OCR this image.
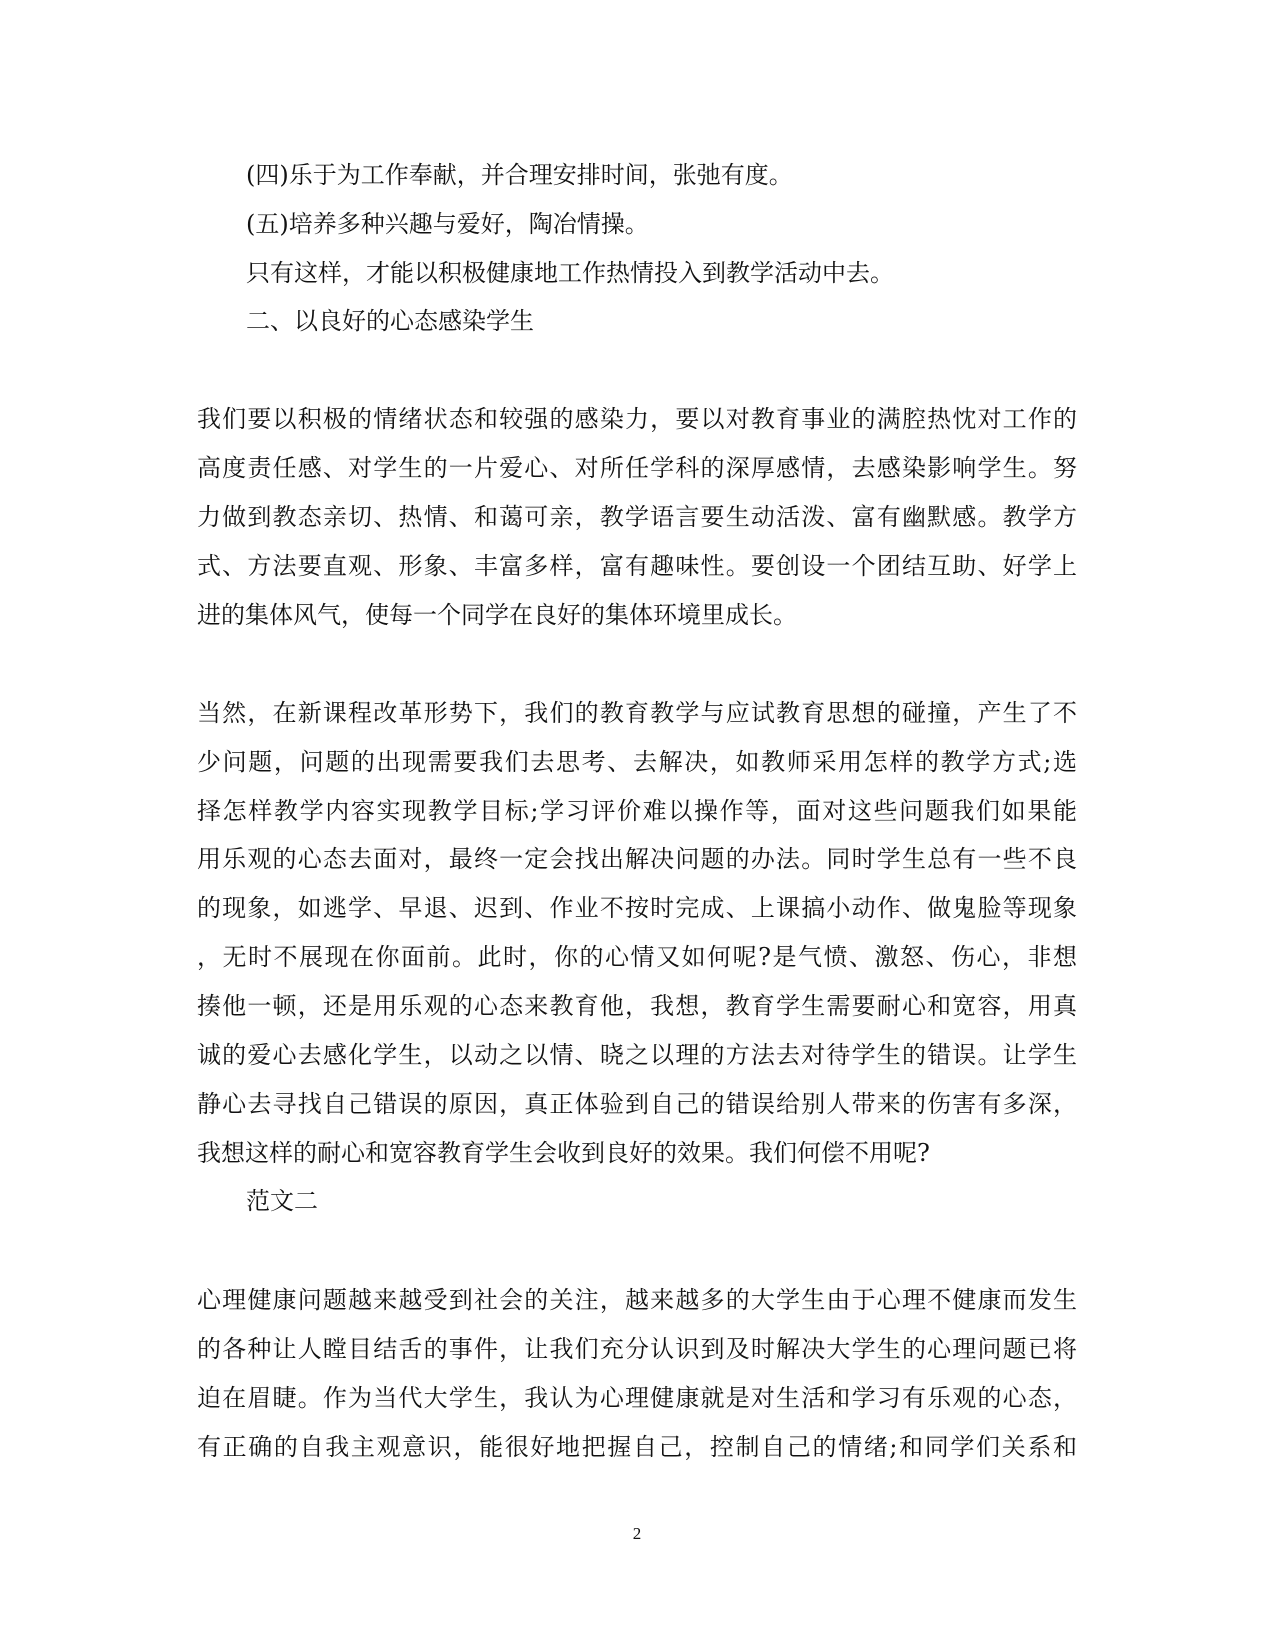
(四)乐于为工作奉献，并合理安排时间，张弛有度。
(五)培养多种兴趣与爱好，陶冶情操。
只有这样，才能以积极健康地工作热情投入到教学活动中去。
二、以良好的心态感染学生
我们要以积极的情绪状态和较强的感染力，要以对教育事业的满腔热忱对工作的
高度责任感、对学生的一片爱心、对所任学科的深厚感情，去感染影响学生。努
力做到教态亲切、热情、和蔼可亲，教学语言要生动活泼、富有幽默感。教学方
式、方法要直观、形象、丰富多样，富有趣味性。要创设一个团结互助、好学上
进的集体风气，使每一个同学在良好的集体环境里成长。
当然，在新课程改革形势下，我们的教育教学与应试教育思想的碰撞，产生了不
少问题，问题的出现需要我们去思考、去解决，如教师采用怎样的教学方式;选
择怎样教学内容实现教学目标;学习评价难以操作等，面对这些问题我们如果能
用乐观的心态去面对，最终一定会找出解决问题的办法。同时学生总有一些不良
的现象，如逃学、早退、迟到、作业不按时完成、上课搞小动作、做鬼脸等现象
，无时不展现在你面前。此时，你的心情又如何呢?是气愤、激怒、伤心，非想
揍他一顿，还是用乐观的心态来教育他，我想，教育学生需要耐心和宽容，用真
诚的爱心去感化学生，以动之以情、晓之以理的方法去对待学生的错误。让学生
静心去寻找自己错误的原因，真正体验到自己的错误给别人带来的伤害有多深，
我想这样的耐心和宽容教育学生会收到良好的效果。我们何偿不用呢?
范文二
心理健康问题越来越受到社会的关注，越来越多的大学生由于心理不健康而发生
的各种让人瞠目结舌的事件，让我们充分认识到及时解决大学生的心理问题已将
迫在眉睫。作为当代大学生，我认为心理健康就是对生活和学习有乐观的心态，
有正确的自我主观意识，能很好地把握自己，控制自己的情绪;和同学们关系和
2
